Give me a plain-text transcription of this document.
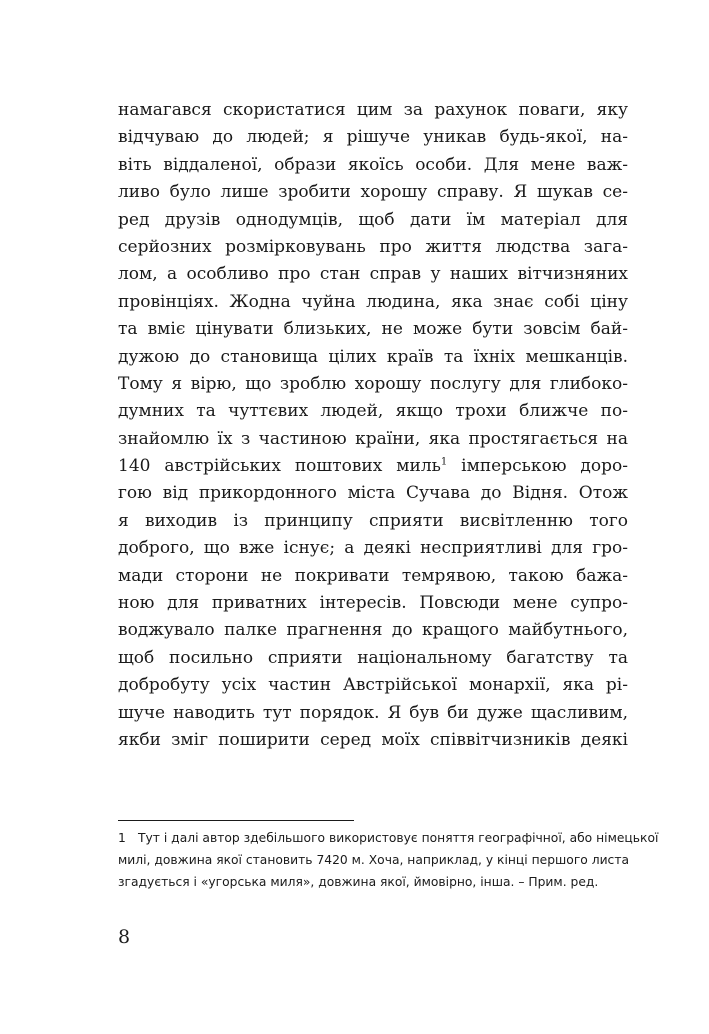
намагався скористатися цим за рахунок поваги, яку
відчуваю до людей; я рішуче уникав будь-якої, на-
віть віддаленої, образи якоїсь особи. Для мене важ-
ливо було лише зробити хорошу справу. Я шукав се-
ред друзів однодумців, щоб дати їм матеріал для
серйозних розмірковувань про життя людства зага-
лом, а особливо про стан справ у наших вітчизняних
провінціях. Жодна чуйна людина, яка знає собі ціну
та вміє цінувати близьких, не може бути зовсім бай-
дужою до становища цілих країв та їхніх мешканців.
Тому я вірю, що зроблю хорошу послугу для глибоко-
думних та чуттєвих людей, якщо трохи ближче по-
знайомлю їх з частиною країни, яка простягається на
140 австрійських поштових миль$^1$ імперською доро-
гою від прикордонного міста Сучава до Відня. Отож
я виходив із принципу сприяти висвітленню того
доброго, що вже існує; а деякі несприятливі для гро-
мади сторони не покривати темрявою, такою бажа-
ною для приватних інтересів. Повсюди мене супро-
воджувало палке прагнення до кращого майбутнього,
щоб посильно сприяти національному багатству та
добробуту усіх частин Австрійської монархії, яка рі-
шуче наводить тут порядок. Я був би дуже щасливим,
якби зміг поширити серед моїх співвітчизників деякі
1 Тут і далі автор здебільшого використовує поняття географічної, або німецької
милі, довжина якої становить 7420 м. Хоча, наприклад, у кінці першого листа
згадується і «угорська миля», довжина якої, ймовірно, інша. – Прим. ред.
8
